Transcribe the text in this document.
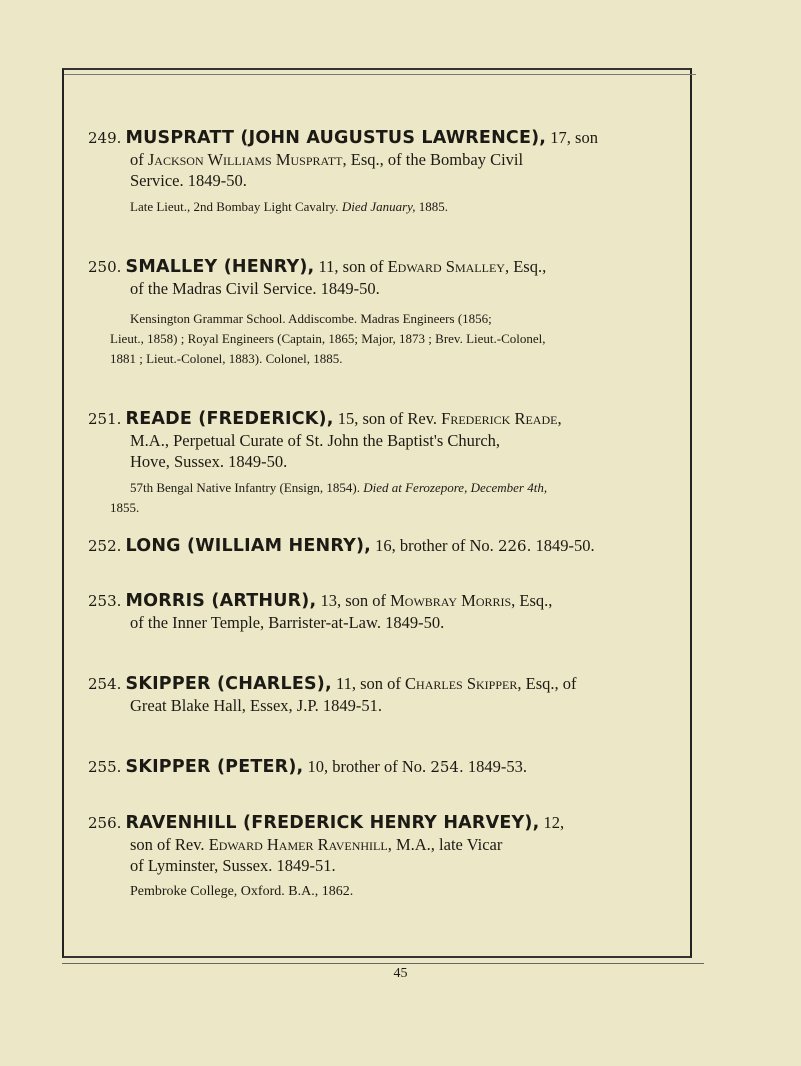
249. MUSPRATT (JOHN AUGUSTUS LAWRENCE), 17, son
of Jackson Williams Muspratt, Esq., of the Bombay Civil
Service. 1849-50.
Late Lieut., 2nd Bombay Light Cavalry. Died January, 1885.
250. SMALLEY (HENRY), 11, son of Edward Smalley, Esq.,
of the Madras Civil Service. 1849-50.
Kensington Grammar School. Addiscombe. Madras Engineers (1856;
Lieut., 1858) ; Royal Engineers (Captain, 1865; Major, 1873 ; Brev. Lieut.-Colonel,
1881 ; Lieut.-Colonel, 1883). Colonel, 1885.
251. READE (FREDERICK), 15, son of Rev. Frederick Reade,
M.A., Perpetual Curate of St. John the Baptist's Church,
Hove, Sussex. 1849-50.
57th Bengal Native Infantry (Ensign, 1854). Died at Ferozepore, December 4th,
1855.
252. LONG (WILLIAM HENRY), 16, brother of No. 226. 1849-50.
253. MORRIS (ARTHUR), 13, son of Mowbray Morris, Esq.,
of the Inner Temple, Barrister-at-Law. 1849-50.
254. SKIPPER (CHARLES), 11, son of Charles Skipper, Esq., of
Great Blake Hall, Essex, J.P. 1849-51.
255. SKIPPER (PETER), 10, brother of No. 254. 1849-53.
256. RAVENHILL (FREDERICK HENRY HARVEY), 12,
son of Rev. Edward Hamer Ravenhill, M.A., late Vicar
of Lyminster, Sussex. 1849-51.
Pembroke College, Oxford. B.A., 1862.
45
